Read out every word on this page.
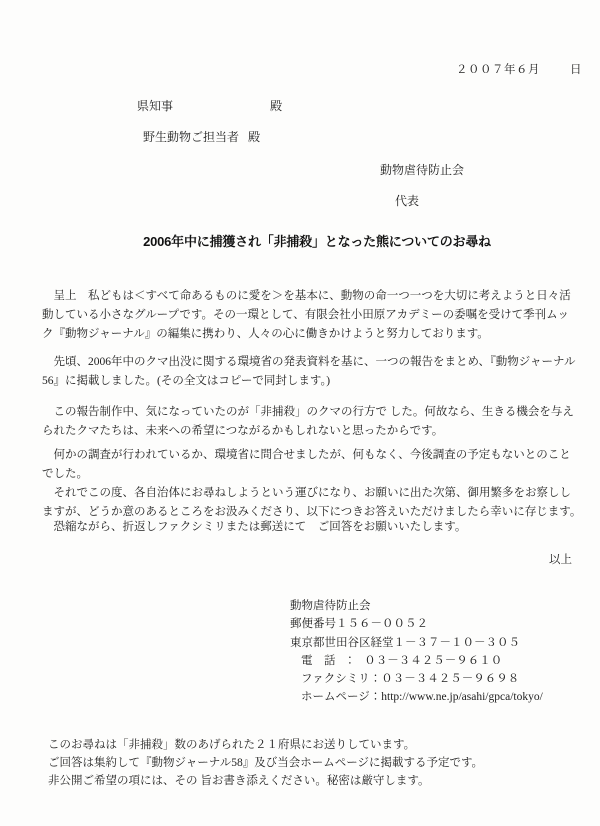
２００７年６月	日
県知事	殿
野生動物ご担当者 殿
動物虐待防止会
代表
2006年中に捕獲され「非捕殺」となった熊についてのお尋ね
　呈上　私どもは＜すべて命あるものに愛を＞を基本に、動物の命一つ一つを大切に考えようと日々活
動している小さなグループです。その一環として、有限会社小田原アカデミーの委嘱を受けて季刊ムッ
ク『動物ジャーナル』の編集に携わり、人々の心に働きかけようと努力しております。
　先頃、2006年中のクマ出没に関する環境省の発表資料を基に、一つの報告をまとめ、『動物ジャーナル
56』に掲載しました。(その全文はコピーで同封します。)
　この報告制作中、気になっていたのが「非捕殺」のクマの行方で した。何故なら、生きる機会を与え
られたクマたちは、未来への希望につながるかもしれないと思ったからです。
　何かの調査が行われているか、環境省に問合せましたが、何もなく、今後調査の予定もないとのこと
でした。
　それでこの度、各自治体にお尋ねしようという運びになり、お願いに出た次第、御用繁多をお察しし
ますが、どうか意のあるところをお汲みくださり、以下につきお答えいただけましたら幸いに存じます。
　恐縮ながら、折返しファクシミリまたは郵送にて　ご回答をお願いいたします。
以上
動物虐待防止会
郵便番号１５６－００５２
東京都世田谷区経堂１－３７－１０－３０５
電　話　：　０３－３４２５－９６１０
ファクシミリ：０３－３４２５－９６９８
ホームページ：http://www.ne.jp/asahi/gpca/tokyo/
このお尋ねは「非捕殺」数のあげられた２１府県にお送りしています。
ご回答は集約して『動物ジャーナル58』及び当会ホームページに掲載する予定です。
非公開ご希望の項には、その 旨お書き添えください。秘密は厳守します。
